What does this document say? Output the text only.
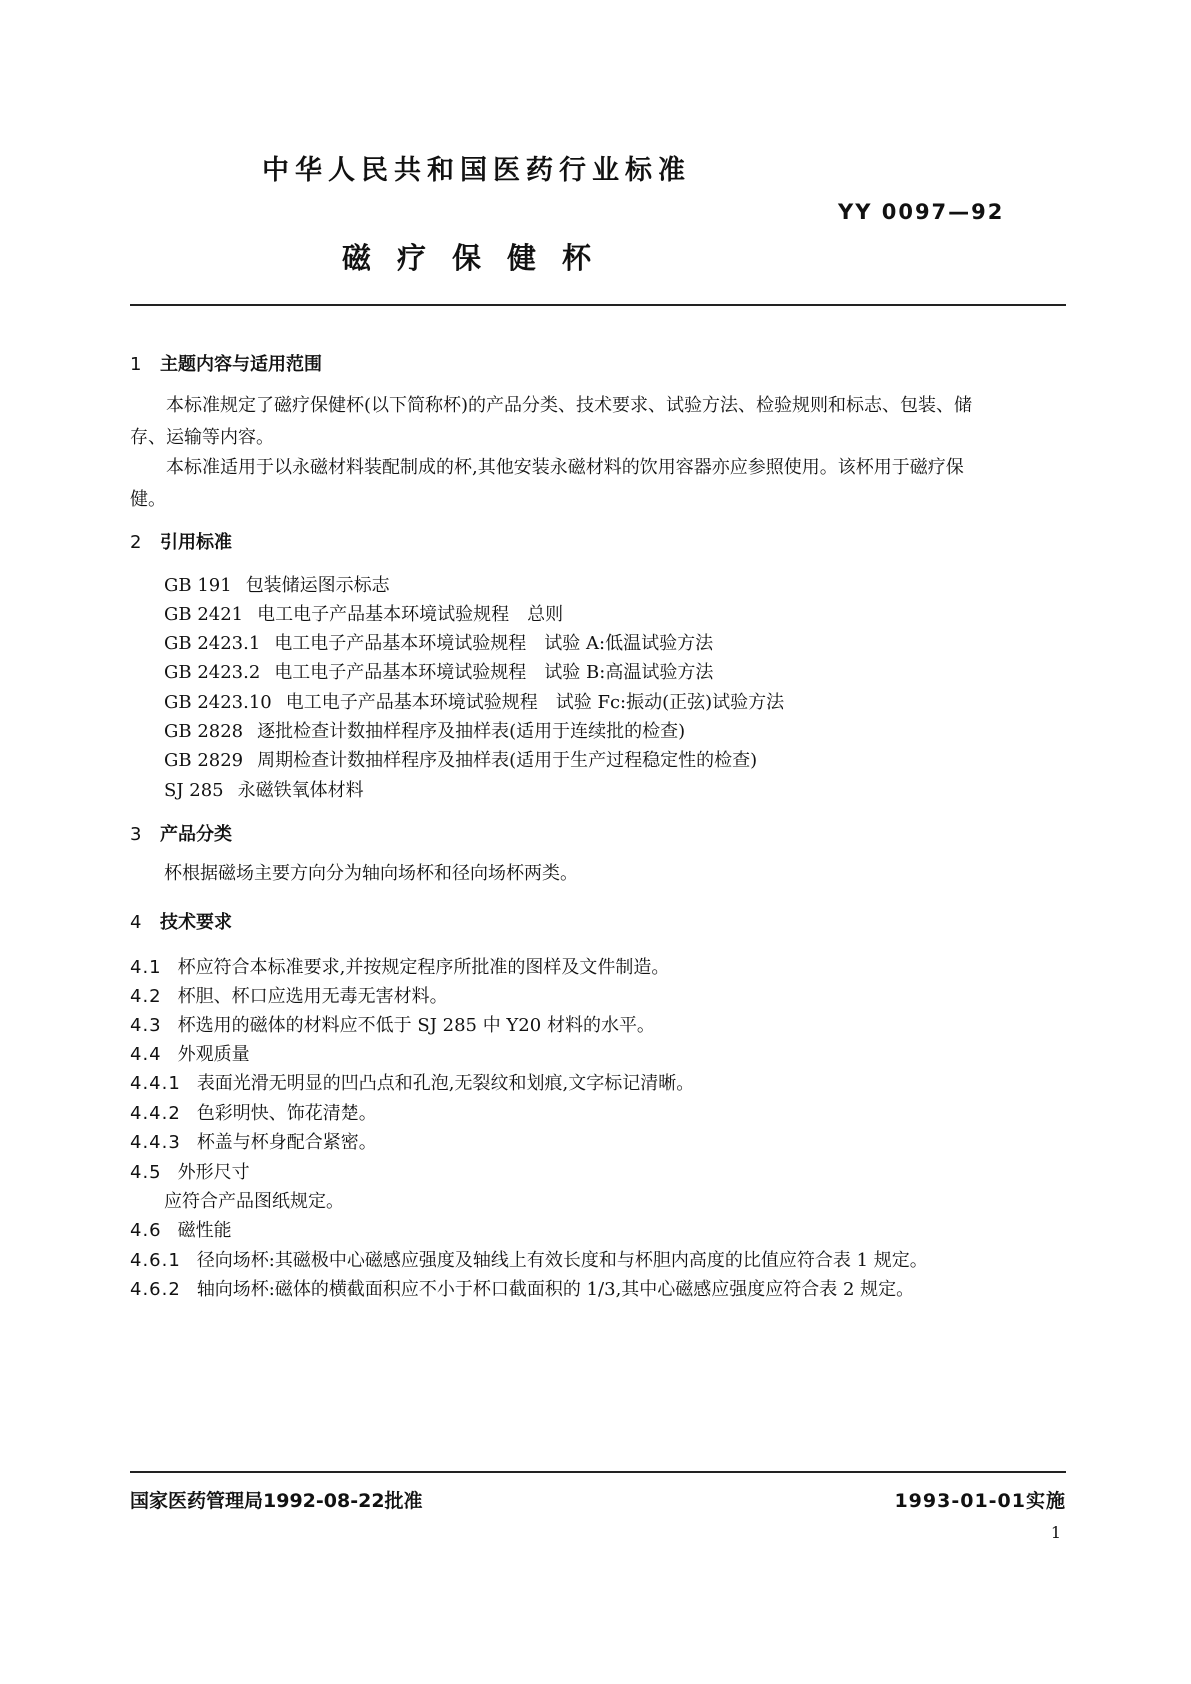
中华人民共和国医药行业标准
YY 0097—92
磁疗保健杯
1 主题内容与适用范围
本标准规定了磁疗保健杯(以下简称杯)的产品分类、技术要求、试验方法、检验规则和标志、包装、储存、运输等内容。
本标准适用于以永磁材料装配制成的杯,其他安装永磁材料的饮用容器亦应参照使用。该杯用于磁疗保健。
2 引用标准
GB 191 包装储运图示标志
GB 2421 电工电子产品基本环境试验规程　总则
GB 2423.1 电工电子产品基本环境试验规程　试验 A:低温试验方法
GB 2423.2 电工电子产品基本环境试验规程　试验 B:高温试验方法
GB 2423.10 电工电子产品基本环境试验规程　试验 Fc:振动(正弦)试验方法
GB 2828 逐批检查计数抽样程序及抽样表(适用于连续批的检查)
GB 2829 周期检查计数抽样程序及抽样表(适用于生产过程稳定性的检查)
SJ 285 永磁铁氧体材料
3 产品分类
杯根据磁场主要方向分为轴向场杯和径向场杯两类。
4 技术要求
4.1 杯应符合本标准要求,并按规定程序所批准的图样及文件制造。
4.2 杯胆、杯口应选用无毒无害材料。
4.3 杯选用的磁体的材料应不低于 SJ 285 中 Y20 材料的水平。
4.4 外观质量
4.4.1 表面光滑无明显的凹凸点和孔泡,无裂纹和划痕,文字标记清晰。
4.4.2 色彩明快、饰花清楚。
4.4.3 杯盖与杯身配合紧密。
4.5 外形尺寸
应符合产品图纸规定。
4.6 磁性能
4.6.1 径向场杯:其磁极中心磁感应强度及轴线上有效长度和与杯胆内高度的比值应符合表 1 规定。
4.6.2 轴向场杯:磁体的横截面积应不小于杯口截面积的 1/3,其中心磁感应强度应符合表 2 规定。
国家医药管理局1992-08-22批准	1993-01-01实施
1
